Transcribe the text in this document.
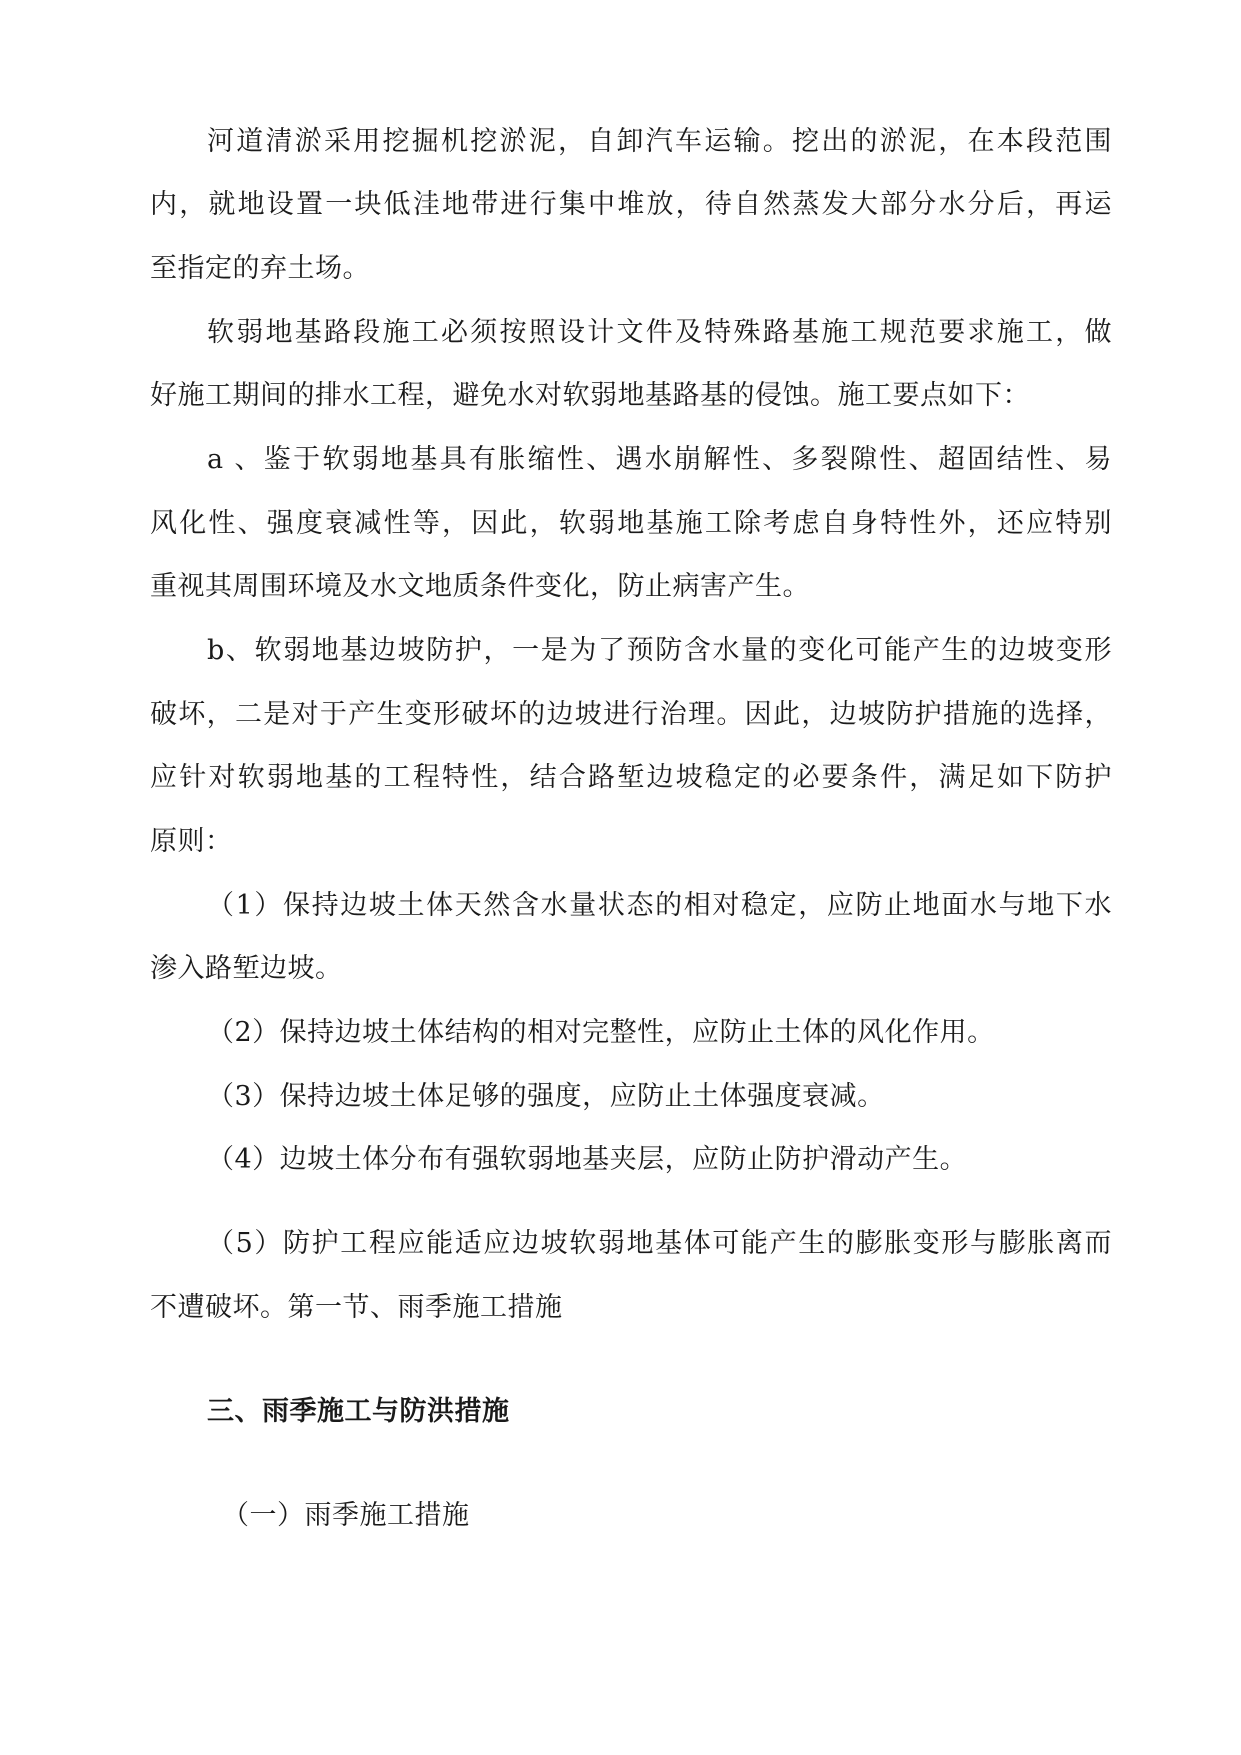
河道清淤采用挖掘机挖淤泥，自卸汽车运输。挖出的淤泥，在本段范围
内，就地设置一块低洼地带进行集中堆放，待自然蒸发大部分水分后，再运
至指定的弃土场。
软弱地基路段施工必须按照设计文件及特殊路基施工规范要求施工，做
好施工期间的排水工程，避免水对软弱地基路基的侵蚀。施工要点如下：
a 、鉴于软弱地基具有胀缩性、遇水崩解性、多裂隙性、超固结性、易
风化性、强度衰减性等，因此，软弱地基施工除考虑自身特性外，还应特别
重视其周围环境及水文地质条件变化，防止病害产生。
b、软弱地基边坡防护，一是为了预防含水量的变化可能产生的边坡变形
破坏，二是对于产生变形破坏的边坡进行治理。因此，边坡防护措施的选择，
应针对软弱地基的工程特性，结合路堑边坡稳定的必要条件，满足如下防护
原则：
（1）保持边坡土体天然含水量状态的相对稳定，应防止地面水与地下水
渗入路堑边坡。
（2）保持边坡土体结构的相对完整性，应防止土体的风化作用。
（3）保持边坡土体足够的强度，应防止土体强度衰减。
（4）边坡土体分布有强软弱地基夹层，应防止防护滑动产生。
（5）防护工程应能适应边坡软弱地基体可能产生的膨胀变形与膨胀离而
不遭破坏。第一节、雨季施工措施
三、雨季施工与防洪措施
（一）雨季施工措施
